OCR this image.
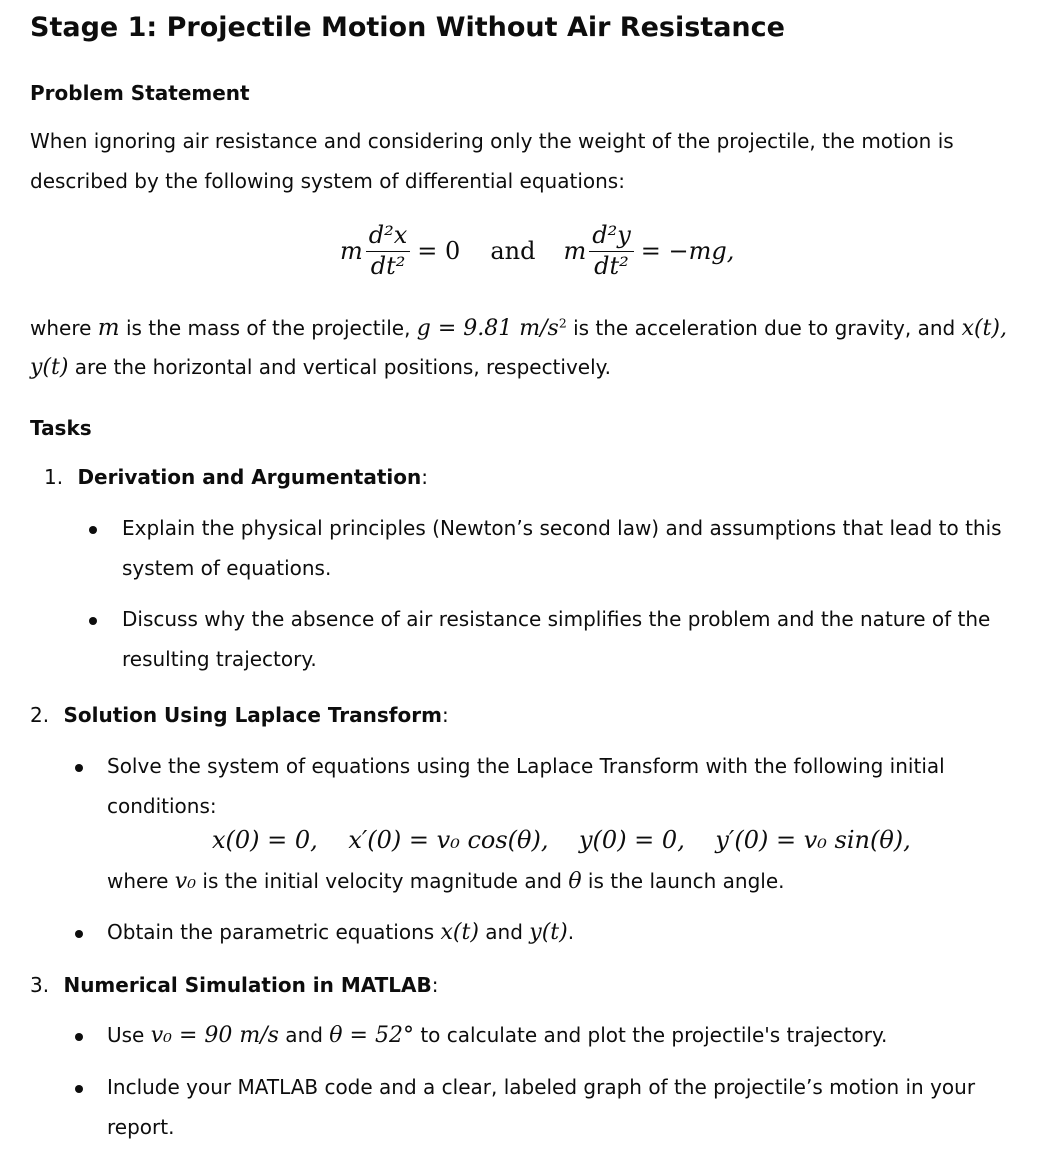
Stage 1: Projectile Motion Without Air Resistance
Problem Statement
When ignoring air resistance and considering only the weight of the projectile, the motion is
described by the following system of differential equations:
m $\frac{\text{d²x}}{\text{dt²}} = 0$ and m $\frac{\text{d²y}}{\text{dt²}} = -mg$,
where m is the mass of the projectile, g = 9.81 $m/s^2$ is the acceleration due to gravity, and x(t),
y(t) are the horizontal and vertical positions, respectively.
Tasks
1. Derivation and Argumentation:
Explain the physical principles (Newton’s second law) and assumptions that lead to this
system of equations.
Discuss why the absence of air resistance simplifies the problem and the nature of the
resulting trajectory.
2. Solution Using Laplace Transform:
Solve the system of equations using the Laplace Transform with the following initial
conditions:
x(0) = 0,    x′(0) = v₀ cos(θ),    y(0) = 0,    y′(0) = v₀ sin(θ),
where v₀ is the initial velocity magnitude and θ is the launch angle.
Obtain the parametric equations x(t) and y(t).
3. Numerical Simulation in MATLAB:
Use v₀ = 90 m/s and θ = 52° to calculate and plot the projectile's trajectory.
Include your MATLAB code and a clear, labeled graph of the projectile’s motion in your
report.
